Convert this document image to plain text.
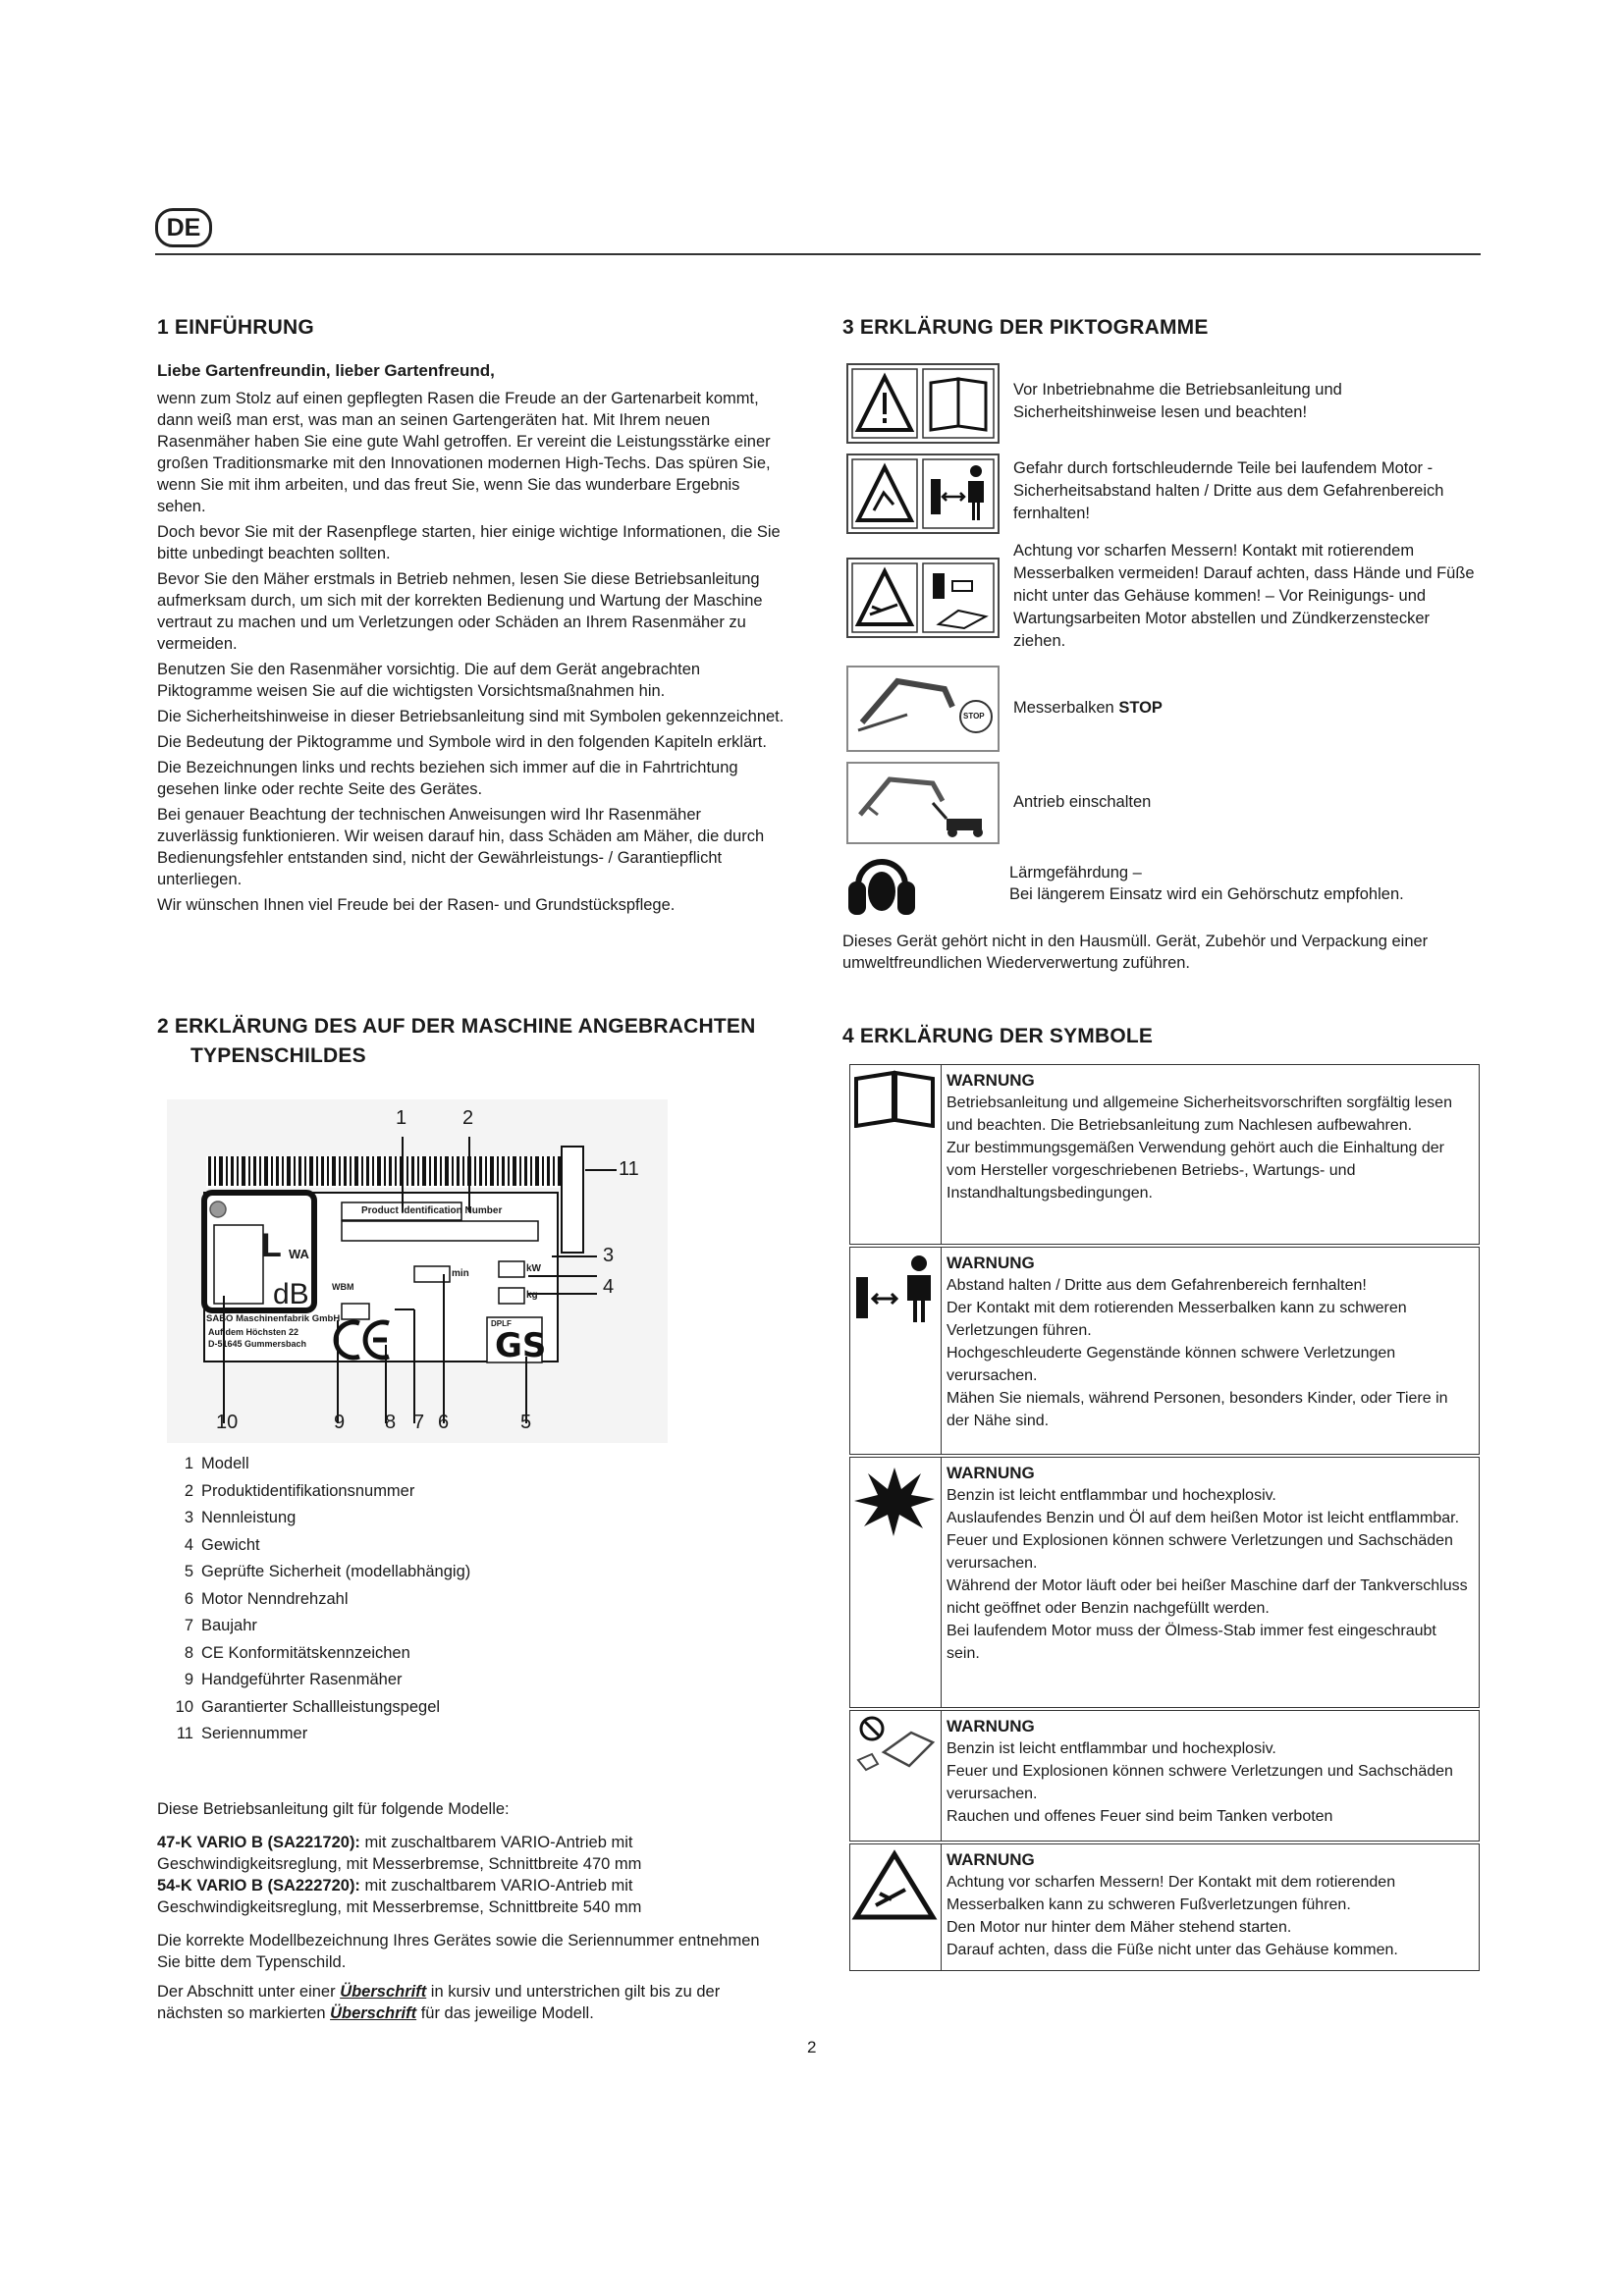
DE
1 EINFÜHRUNG

Liebe Gartenfreundin, lieber Gartenfreund,

wenn zum Stolz auf einen gepflegten Rasen die Freude an der Gartenarbeit kommt, dann weiß man erst, was man an seinen Gartengeräten hat. Mit Ihrem neuen Rasenmäher haben Sie eine gute Wahl getroffen. Er vereint die Leistungsstärke einer großen Traditionsmarke mit den Innovationen modernen High-Techs. Das spüren Sie, wenn Sie mit ihm arbeiten, und das freut Sie, wenn Sie das wunderbare Ergebnis sehen.

Doch bevor Sie mit der Rasenpflege starten, hier einige wichtige Informationen, die Sie bitte unbedingt beachten sollten.

Bevor Sie den Mäher erstmals in Betrieb nehmen, lesen Sie diese Betriebsanleitung aufmerksam durch, um sich mit der korrekten Bedienung und Wartung der Maschine vertraut zu machen und um Verletzungen oder Schäden an Ihrem Rasenmäher zu vermeiden.

Benutzen Sie den Rasenmäher vorsichtig. Die auf dem Gerät angebrachten Piktogramme weisen Sie auf die wichtigsten Vorsichtsmaßnahmen hin.

Die Sicherheitshinweise in dieser Betriebsanleitung sind mit Symbolen gekennzeichnet.

Die Bedeutung der Piktogramme und Symbole wird in den folgenden Kapiteln erklärt.

Die Bezeichnungen links und rechts beziehen sich immer auf die in Fahrtrichtung gesehen linke oder rechte Seite des Gerätes.

Bei genauer Beachtung der technischen Anweisungen wird Ihr Rasenmäher zuverlässig funktionieren. Wir weisen darauf hin, dass Schäden am Mäher, die durch Bedienungsfehler entstanden sind, nicht der Gewährleistungs- / Garantiepflicht unterliegen.

Wir wünschen Ihnen viel Freude bei der Rasen- und Grundstückspflege.

2 ERKLÄRUNG DES AUF DER MASCHINE ANGEBRACHTEN
TYPENSCHILDES
GS
L WA
dB
Product Identification Number
min	kW
kg
WBM
SABO Maschinenfabrik GmbH
Auf dem Höchsten 22
D-51645 Gummersbach
DPLF
1	2
3
4
5
6
7
8
9
10
11
1 Modell
2 Produktidentifikationsnummer
3 Nennleistung
4 Gewicht
5 Geprüfte Sicherheit (modellabhängig)
6 Motor Nenndrehzahl
7 Baujahr
8 CE Konformitätskennzeichen
9 Handgeführter Rasenmäher
10 Garantierter Schallleistungspegel
11 Seriennummer

Diese Betriebsanleitung gilt für folgende Modelle:

47-K VARIO B (SA221720): mit zuschaltbarem VARIO-Antrieb mit Geschwindigkeitsreglung, mit Messerbremse, Schnittbreite 470 mm

54-K VARIO B (SA222720): mit zuschaltbarem VARIO-Antrieb mit Geschwindigkeitsreglung, mit Messerbremse, Schnittbreite 540 mm

Die korrekte Modellbezeichnung Ihres Gerätes sowie die Seriennummer entnehmen Sie bitte dem Typenschild.

Der Abschnitt unter einer Überschrift in kursiv und unterstrichen gilt bis zu der nächsten so markierten Überschrift für das jeweilige Modell.

3 ERKLÄRUNG DER PIKTOGRAMME
Vor Inbetriebnahme die Betriebsanleitung und Sicherheitshinweise lesen und beachten!
Gefahr durch fortschleudernde Teile bei laufendem Motor - Sicherheitsabstand halten / Dritte aus dem Gefahrenbereich fernhalten!
Achtung vor scharfen Messern! Kontakt mit rotierendem Messerbalken vermeiden! Darauf achten, dass Hände und Füße nicht unter das Gehäuse kommen! – Vor Reinigungs- und Wartungsarbeiten Motor abstellen und Zündkerzenstecker ziehen.
STOP Messerbalken STOP
Antrieb einschalten
Lärmgefährdung –
Bei längerem Einsatz wird ein Gehörschutz empfohlen.
Dieses Gerät gehört nicht in den Hausmüll. Gerät, Zubehör und Verpackung einer umweltfreundlichen Wiederverwertung zuführen.
4 ERKLÄRUNG DER SYMBOLE
WARNUNG
Betriebsanleitung und allgemeine Sicherheitsvorschriften sorgfältig lesen und beachten. Die Betriebsanleitung zum Nachlesen aufbewahren.
Zur bestimmungsgemäßen Verwendung gehört auch die Einhaltung der vom Hersteller vorgeschriebenen Betriebs-, Wartungs- und Instandhaltungsbedingungen.
WARNUNG
Abstand halten / Dritte aus dem Gefahrenbereich fernhalten!
Der Kontakt mit dem rotierenden Messerbalken kann zu schweren Verletzungen führen.
Hochgeschleuderte Gegenstände können schwere Verletzungen verursachen.
Mähen Sie niemals, während Personen, besonders Kinder, oder Tiere in der Nähe sind.
WARNUNG
Benzin ist leicht entflammbar und hochexplosiv.
Auslaufendes Benzin und Öl auf dem heißen Motor ist leicht entflammbar.
Feuer und Explosionen können schwere Verletzungen und Sachschäden verursachen.
Während der Motor läuft oder bei heißer Maschine darf der Tankverschluss nicht geöffnet oder Benzin nachgefüllt werden.
Bei laufendem Motor muss der Ölmess-Stab immer fest eingeschraubt sein.
WARNUNG
Benzin ist leicht entflammbar und hochexplosiv.
Feuer und Explosionen können schwere Verletzungen und Sachschäden verursachen.
Rauchen und offenes Feuer sind beim Tanken verboten
WARNUNG
Achtung vor scharfen Messern! Der Kontakt mit dem rotierenden Messerbalken kann zu schweren Fußverletzungen führen.
Den Motor nur hinter dem Mäher stehend starten.
Darauf achten, dass die Füße nicht unter das Gehäuse kommen.
2
